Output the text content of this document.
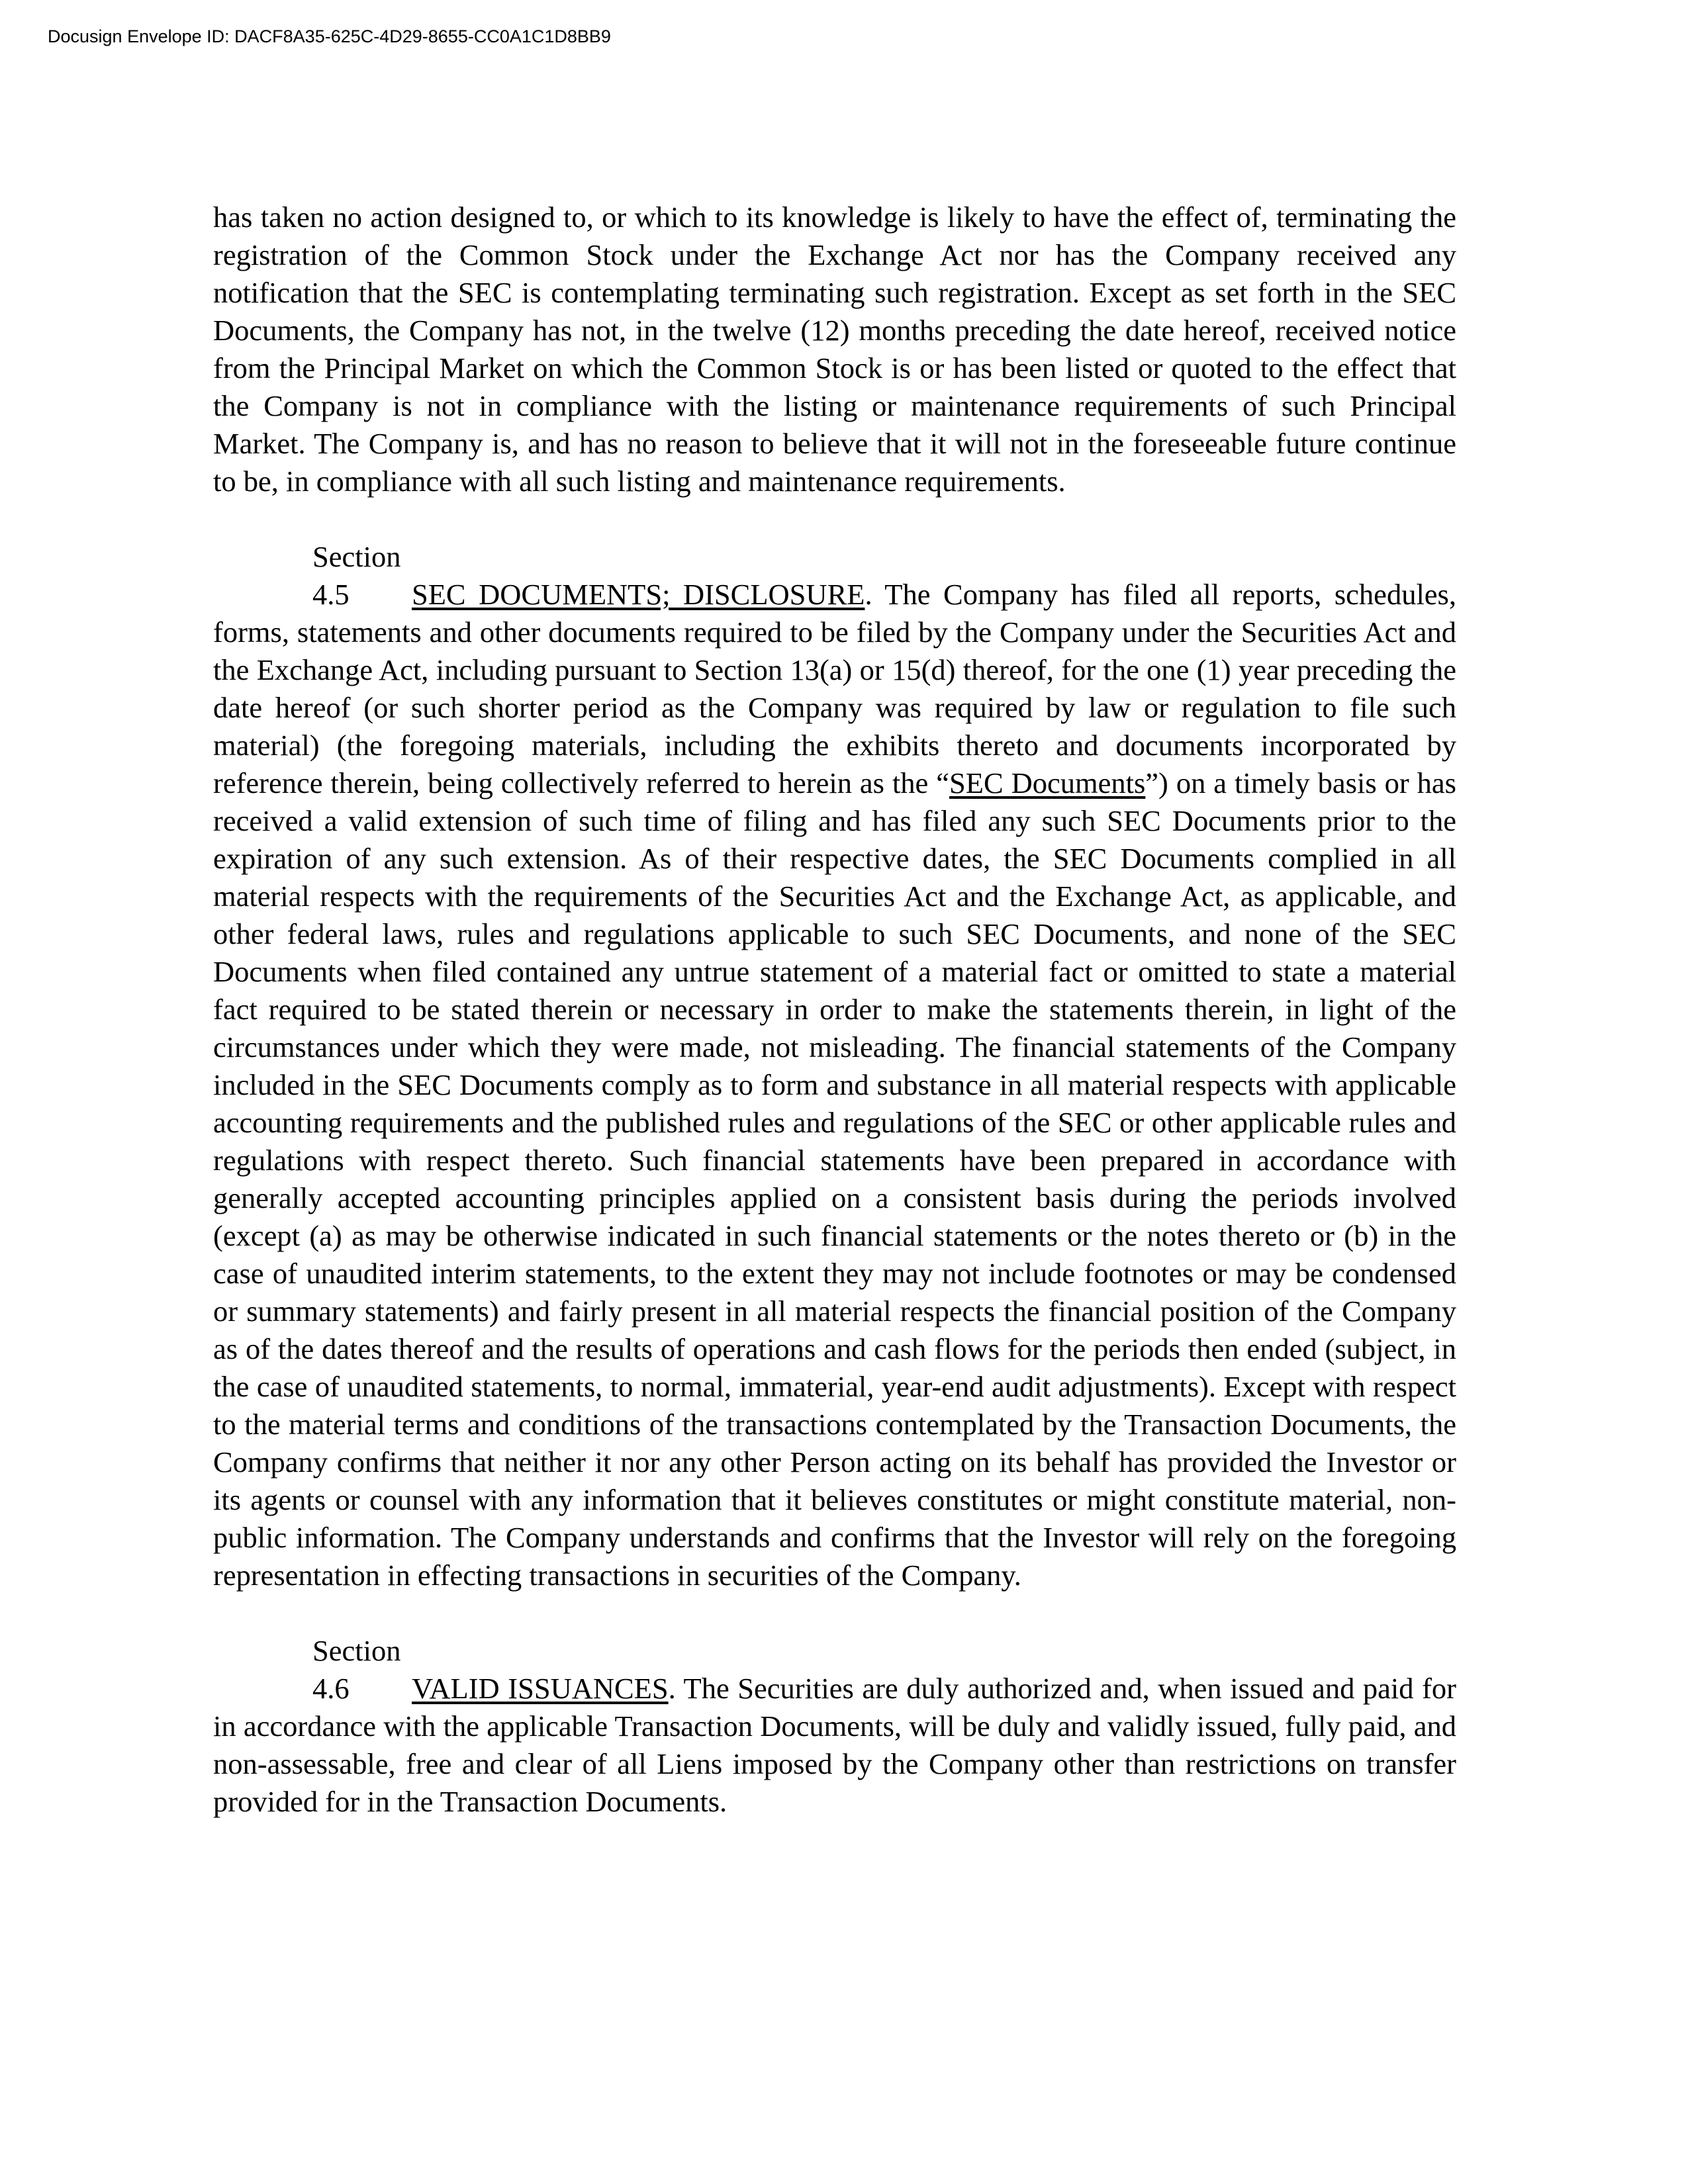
Docusign Envelope ID: DACF8A35-625C-4D29-8655-CC0A1C1D8BB9

has taken no action designed to, or which to its knowledge is likely to have the effect of, terminating the registration of the Common Stock under the Exchange Act nor has the Company received any notification that the SEC is contemplating terminating such registration. Except as set forth in the SEC Documents, the Company has not, in the twelve (12) months preceding the date hereof, received notice from the Principal Market on which the Common Stock is or has been listed or quoted to the effect that the Company is not in compliance with the listing or maintenance requirements of such Principal Market. The Company is, and has no reason to believe that it will not in the foreseeable future continue to be, in compliance with all such listing and maintenance requirements.

Section 4.5 SEC DOCUMENTS; DISCLOSURE. The Company has filed all reports, schedules, forms, statements and other documents required to be filed by the Company under the Securities Act and the Exchange Act, including pursuant to Section 13(a) or 15(d) thereof, for the one (1) year preceding the date hereof (or such shorter period as the Company was required by law or regulation to file such material) (the foregoing materials, including the exhibits thereto and documents incorporated by reference therein, being collectively referred to herein as the “SEC Documents”) on a timely basis or has received a valid extension of such time of filing and has filed any such SEC Documents prior to the expiration of any such extension. As of their respective dates, the SEC Documents complied in all material respects with the requirements of the Securities Act and the Exchange Act, as applicable, and other federal laws, rules and regulations applicable to such SEC Documents, and none of the SEC Documents when filed contained any untrue statement of a material fact or omitted to state a material fact required to be stated therein or necessary in order to make the statements therein, in light of the circumstances under which they were made, not misleading. The financial statements of the Company included in the SEC Documents comply as to form and substance in all material respects with applicable accounting requirements and the published rules and regulations of the SEC or other applicable rules and regulations with respect thereto. Such financial statements have been prepared in accordance with generally accepted accounting principles applied on a consistent basis during the periods involved (except (a) as may be otherwise indicated in such financial statements or the notes thereto or (b) in the case of unaudited interim statements, to the extent they may not include footnotes or may be condensed or summary statements) and fairly present in all material respects the financial position of the Company as of the dates thereof and the results of operations and cash flows for the periods then ended (subject, in the case of unaudited statements, to normal, immaterial, year-end audit adjustments). Except with respect to the material terms and conditions of the transactions contemplated by the Transaction Documents, the Company confirms that neither it nor any other Person acting on its behalf has provided the Investor or its agents or counsel with any information that it believes constitutes or might constitute material, non-public information. The Company understands and confirms that the Investor will rely on the foregoing representation in effecting transactions in securities of the Company.

Section 4.6 VALID ISSUANCES. The Securities are duly authorized and, when issued and paid for in accordance with the applicable Transaction Documents, will be duly and validly issued, fully paid, and non-assessable, free and clear of all Liens imposed by the Company other than restrictions on transfer provided for in the Transaction Documents.
